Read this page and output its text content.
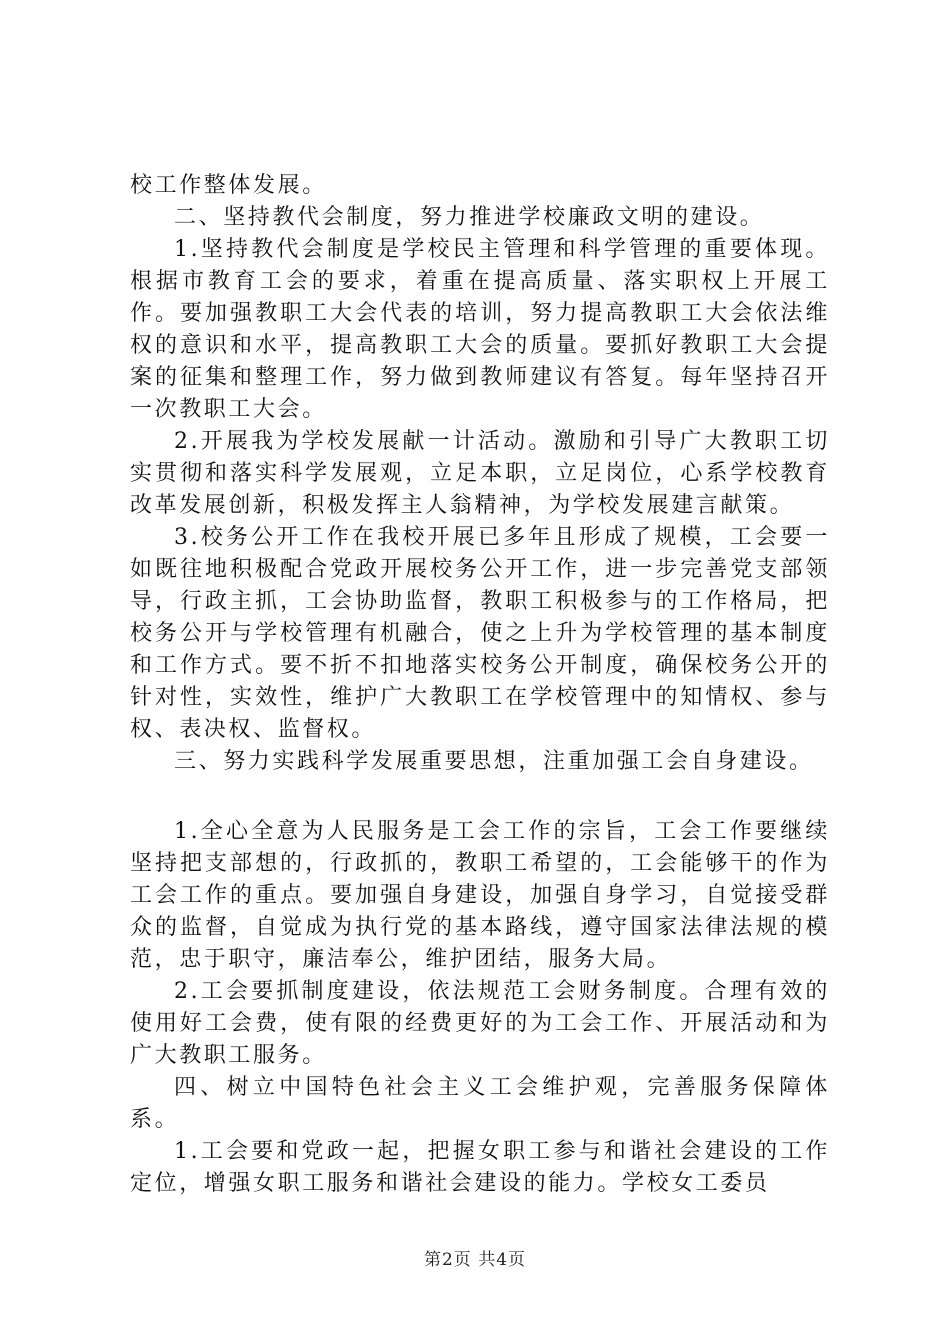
校工作整体发展。

二、坚持教代会制度，努力推进学校廉政文明的建设。

1.坚持教代会制度是学校民主管理和科学管理的重要体现。根据市教育工会的要求，着重在提高质量、落实职权上开展工作。要加强教职工大会代表的培训，努力提高教职工大会依法维权的意识和水平，提高教职工大会的质量。要抓好教职工大会提案的征集和整理工作，努力做到教师建议有答复。每年坚持召开一次教职工大会。

2.开展我为学校发展献一计活动。激励和引导广大教职工切实贯彻和落实科学发展观，立足本职，立足岗位，心系学校教育改革发展创新，积极发挥主人翁精神，为学校发展建言献策。

3.校务公开工作在我校开展已多年且形成了规模，工会要一如既往地积极配合党政开展校务公开工作，进一步完善党支部领导，行政主抓，工会协助监督，教职工积极参与的工作格局，把校务公开与学校管理有机融合，使之上升为学校管理的基本制度和工作方式。要不折不扣地落实校务公开制度，确保校务公开的针对性，实效性，维护广大教职工在学校管理中的知情权、参与权、表决权、监督权。

三、努力实践科学发展重要思想，注重加强工会自身建设。

1.全心全意为人民服务是工会工作的宗旨，工会工作要继续坚持把支部想的，行政抓的，教职工希望的，工会能够干的作为工会工作的重点。要加强自身建设，加强自身学习，自觉接受群众的监督，自觉成为执行党的基本路线，遵守国家法律法规的模范，忠于职守，廉洁奉公，维护团结，服务大局。

2.工会要抓制度建设，依法规范工会财务制度。合理有效的使用好工会费，使有限的经费更好的为工会工作、开展活动和为广大教职工服务。

四、树立中国特色社会主义工会维护观，完善服务保障体系。

1.工会要和党政一起，把握女职工参与和谐社会建设的工作定位，增强女职工服务和谐社会建设的能力。学校女工委员

第2页 共4页
